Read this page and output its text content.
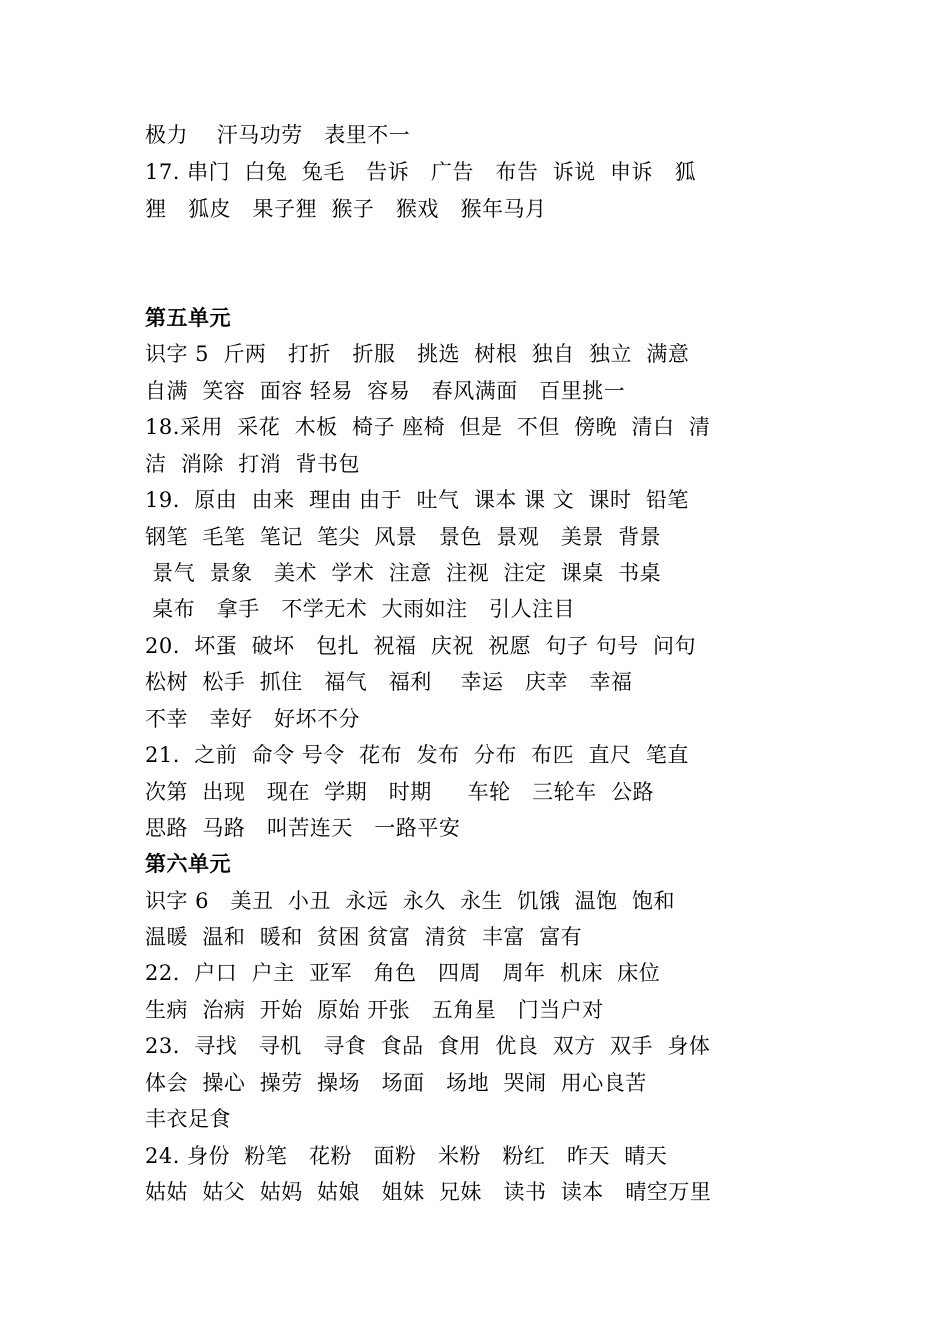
极力    汗马功劳   表里不一
17. 串门  白兔  兔毛   告诉   广告   布告  诉说  申诉   狐
狸   狐皮   果子狸  猴子   猴戏   猴年马月
第五单元
识字 5  斤两   打折   折服   挑选  树根  独自  独立  满意
自满  笑容  面容 轻易  容易   春风满面   百里挑一
18.采用  采花  木板  椅子 座椅  但是  不但  傍晚  清白  清
洁  消除  打消  背书包
19.  原由  由来  理由 由于  吐气  课本 课 文  课时  铅笔
钢笔  毛笔  笔记  笔尖  风景   景色  景观   美景  背景
景气  景象   美术  学术  注意  注视  注定  课桌  书桌
桌布   拿手   不学无术  大雨如注   引人注目
20.  坏蛋  破坏   包扎  祝福  庆祝  祝愿  句子 句号  问句
松树  松手  抓住   福气   福利    幸运   庆幸   幸福
不幸   幸好   好坏不分
21.  之前  命令 号令  花布  发布  分布  布匹  直尺  笔直
次第  出现   现在  学期   时期     车轮   三轮车  公路
思路  马路   叫苦连天   一路平安
第六单元
识字 6   美丑  小丑  永远  永久  永生  饥饿  温饱  饱和
温暖  温和  暖和  贫困 贫富  清贫  丰富  富有
22.  户口  户主  亚军   角色   四周   周年  机床  床位
生病  治病  开始  原始 开张   五角星   门当户对
23.  寻找   寻机   寻食  食品  食用  优良  双方  双手  身体
体会  操心  操劳  操场   场面   场地  哭闹  用心良苦
丰衣足食
24. 身份  粉笔   花粉   面粉   米粉   粉红   昨天  晴天
姑姑  姑父  姑妈  姑娘   姐妹  兄妹   读书  读本   晴空万里
